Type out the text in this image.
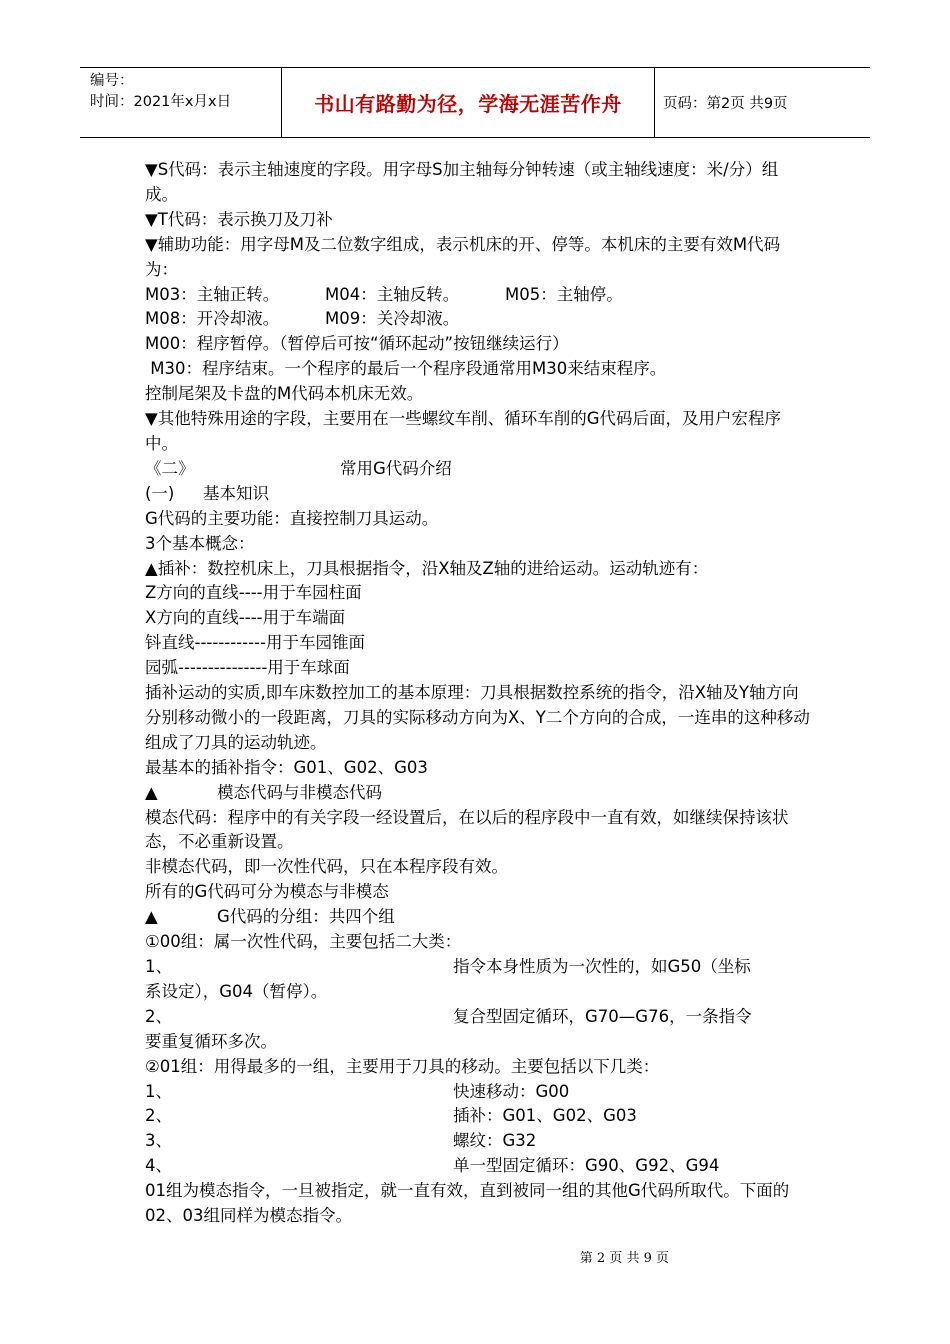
编号：
时间：2021年x月x日	书山有路勤为径，学海无涯苦作舟	页码：第2页 共9页

▼S代码：表示主轴速度的字段。用字母S加主轴每分钟转速（或主轴线速度：米/分）组成。

▼T代码：表示换刀及刀补

▼辅助功能：用字母M及二位数字组成，表示机床的开、停等。本机床的主要有效M代码为：

M03：主轴正转。	M04：主轴反转。	M05：主轴停。
M08：开冷却液。	M09：关冷却液。

M00：程序暂停。（暂停后可按“循环起动”按钮继续运行）

M30：程序结束。一个程序的最后一个程序段通常用M30来结束程序。

控制尾架及卡盘的M代码本机床无效。

▼其他特殊用途的字段，主要用在一些螺纹车削、循环车削的G代码后面，及用户宏程序中。

《二》	常用G代码介绍
(一)	基本知识

G代码的主要功能：直接控制刀具运动。

3个基本概念：

▲插补：数控机床上，刀具根据指令，沿X轴及Z轴的进给运动。运动轨迹有：

Z方向的直线----用于车园柱面

X方向的直线----用于车端面

钭直线------------用于车园锥面

园弧---------------用于车球面

插补运动的实质,即车床数控加工的基本原理：刀具根据数控系统的指令，沿X轴及Y轴方向分别移动微小的一段距离，刀具的实际移动方向为X、Y二个方向的合成，一连串的这种移动组成了刀具的运动轨迹。

最基本的插补指令：G01、G02、G03

▲	模态代码与非模态代码

模态代码：程序中的有关字段一经设置后，在以后的程序段中一直有效，如继续保持该状态，不必重新设置。

非模态代码，即一次性代码，只在本程序段有效。

所有的G代码可分为模态与非模态

▲	G代码的分组：共四个组

①00组：属一次性代码，主要包括二大类：

1、	指令本身性质为一次性的，如G50（坐标

系设定），G04（暂停）。

2、	复合型固定循环，G70—G76，一条指令

要重复循环多次。

②01组：用得最多的一组，主要用于刀具的移动。主要包括以下几类：

1、	快速移动：G00
2、	插补：G01、G02、G03
3、	螺纹：G32
4、	单一型固定循环：G90、G92、G94

01组为模态指令，一旦被指定，就一直有效，直到被同一组的其他G代码所取代。下面的02、03组同样为模态指令。

第 2 页 共 9 页
